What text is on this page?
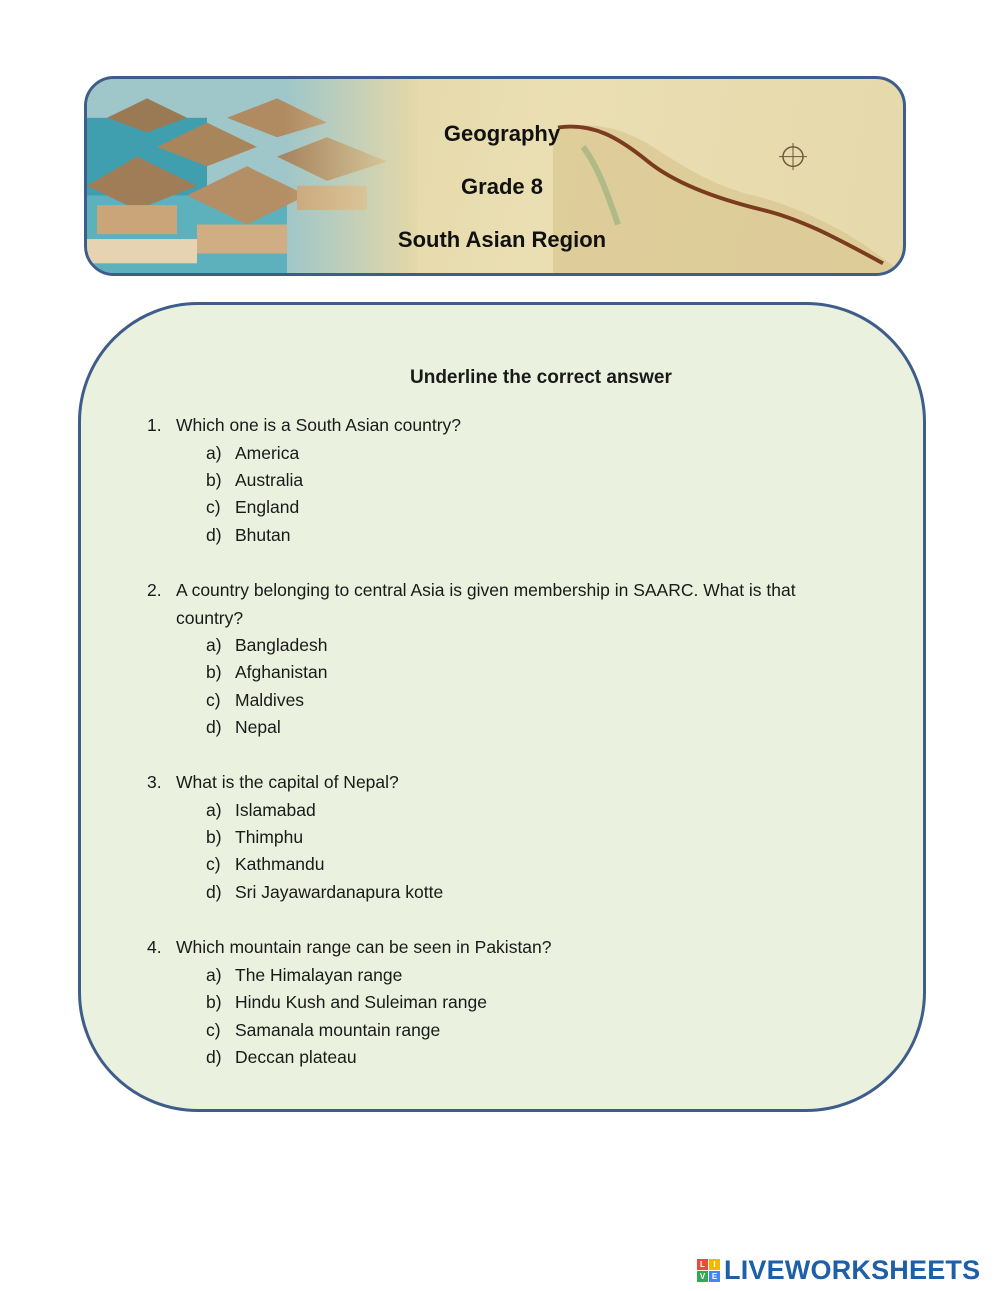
Geography
Grade 8
South Asian Region
Underline the correct answer
1. Which one is a South Asian country?
a) America
b) Australia
c) England
d) Bhutan
2. A country belonging to central Asia is given membership in SAARC. What is that country?
a) Bangladesh
b) Afghanistan
c) Maldives
d) Nepal
3. What is the capital of Nepal?
a) Islamabad
b) Thimphu
c) Kathmandu
d) Sri Jayawardanapura kotte
4. Which mountain range can be seen in Pakistan?
a) The Himalayan range
b) Hindu Kush and Suleiman range
c) Samanala mountain range
d) Deccan plateau
L	I
V E LIVEWORKSHEETS
